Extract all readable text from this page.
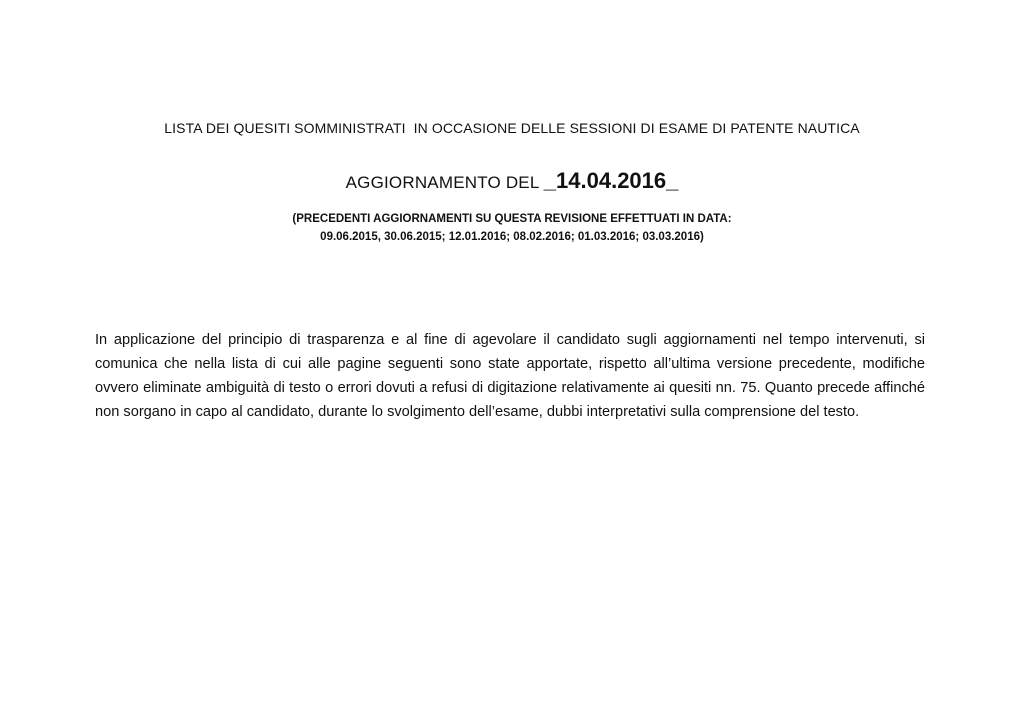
LISTA DEI QUESITI SOMMINISTRATI  IN OCCASIONE DELLE SESSIONI DI ESAME DI PATENTE NAUTICA
AGGIORNAMENTO DEL _14.04.2016_
(PRECEDENTI AGGIORNAMENTI SU QUESTA REVISIONE EFFETTUATI IN DATA:
09.06.2015, 30.06.2015; 12.01.2016; 08.02.2016; 01.03.2016; 03.03.2016)

In applicazione del principio di trasparenza e al fine di agevolare il candidato sugli aggiornamenti nel tempo intervenuti, si comunica che nella lista di cui alle pagine seguenti sono state apportate, rispetto all’ultima versione precedente, modifiche ovvero eliminate ambiguità di testo o errori dovuti a refusi di digitazione relativamente ai quesiti nn. 75. Quanto precede affinché non sorgano in capo al candidato, durante lo svolgimento dell’esame, dubbi interpretativi sulla comprensione del testo.
